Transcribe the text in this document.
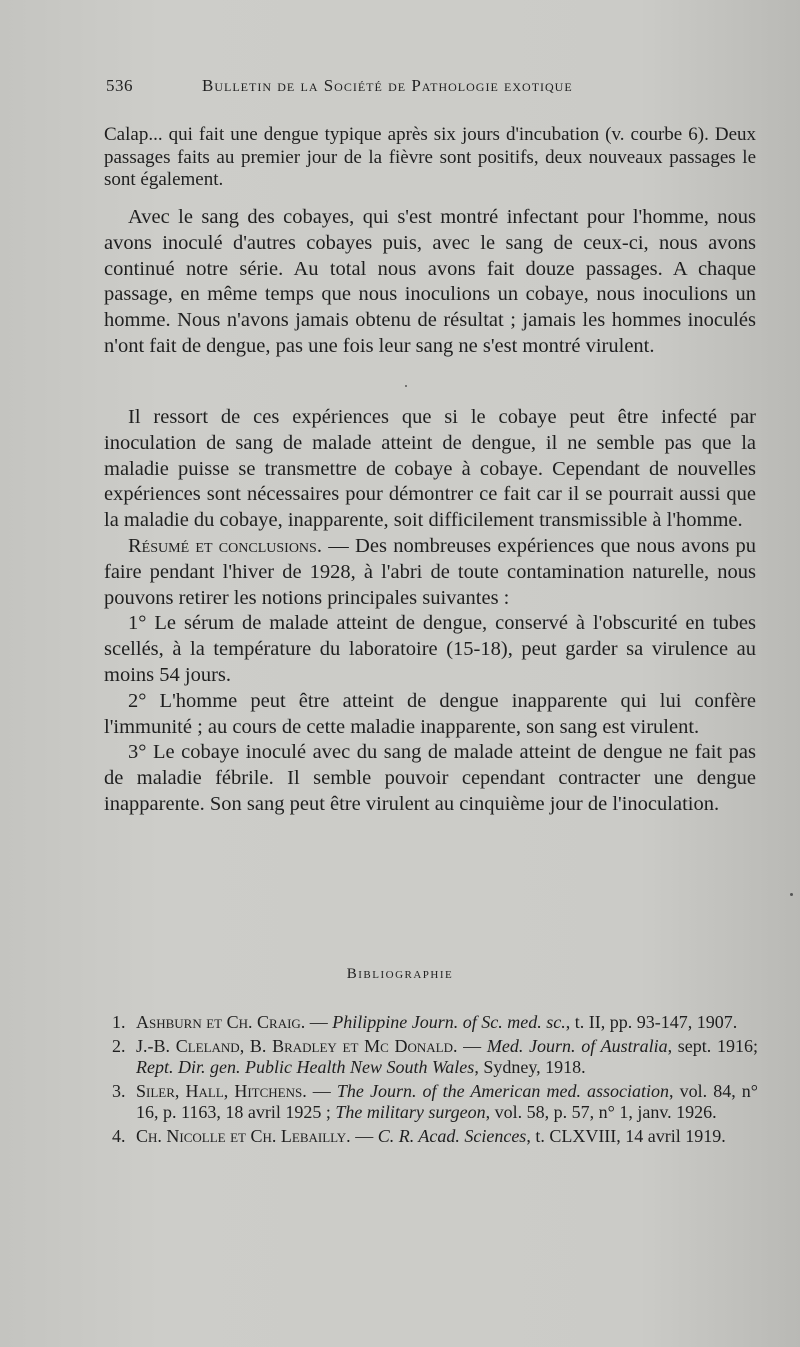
536	Bulletin de la Société de Pathologie exotique

Calap... qui fait une dengue typique après six jours d'incubation (v. courbe 6). Deux passages faits au premier jour de la fièvre sont positifs, deux nouveaux passages le sont également.

Avec le sang des cobayes, qui s'est montré infectant pour l'homme, nous avons inoculé d'autres cobayes puis, avec le sang de ceux-ci, nous avons continué notre série. Au total nous avons fait douze passages. A chaque passage, en même temps que nous inoculions un cobaye, nous inoculions un homme. Nous n'avons jamais obtenu de résultat ; jamais les hommes inoculés n'ont fait de dengue, pas une fois leur sang ne s'est montré virulent.

Il ressort de ces expériences que si le cobaye peut être infecté par inoculation de sang de malade atteint de dengue, il ne semble pas que la maladie puisse se transmettre de cobaye à cobaye. Cependant de nouvelles expériences sont nécessaires pour démontrer ce fait car il se pourrait aussi que la maladie du cobaye, inapparente, soit difficilement transmissible à l'homme.

Résumé et conclusions. — Des nombreuses expériences que nous avons pu faire pendant l'hiver de 1928, à l'abri de toute contamination naturelle, nous pouvons retirer les notions principales suivantes :

1° Le sérum de malade atteint de dengue, conservé à l'obscurité en tubes scellés, à la température du laboratoire (15-18), peut garder sa virulence au moins 54 jours.

2° L'homme peut être atteint de dengue inapparente qui lui confère l'immunité ; au cours de cette maladie inapparente, son sang est virulent.

3° Le cobaye inoculé avec du sang de malade atteint de dengue ne fait pas de maladie fébrile. Il semble pouvoir cependant contracter une dengue inapparente. Son sang peut être virulent au cinquième jour de l'inoculation.

Bibliographie
1. Ashburn et Ch. Craig. — Philippine Journ. of Sc. med. sc., t. II, pp. 93-147, 1907.
2. J.-B. Cleland, B. Bradley et Mc Donald. — Med. Journ. of Australia, sept. 1916; Rept. Dir. gen. Public Health New South Wales, Sydney, 1918.
3. Siler, Hall, Hitchens. — The Journ. of the American med. association, vol. 84, n° 16, p. 1163, 18 avril 1925 ; The military surgeon, vol. 58, p. 57, n° 1, janv. 1926.
4. Ch. Nicolle et Ch. Lebailly. — C. R. Acad. Sciences, t. CLXVIII, 14 avril 1919.
